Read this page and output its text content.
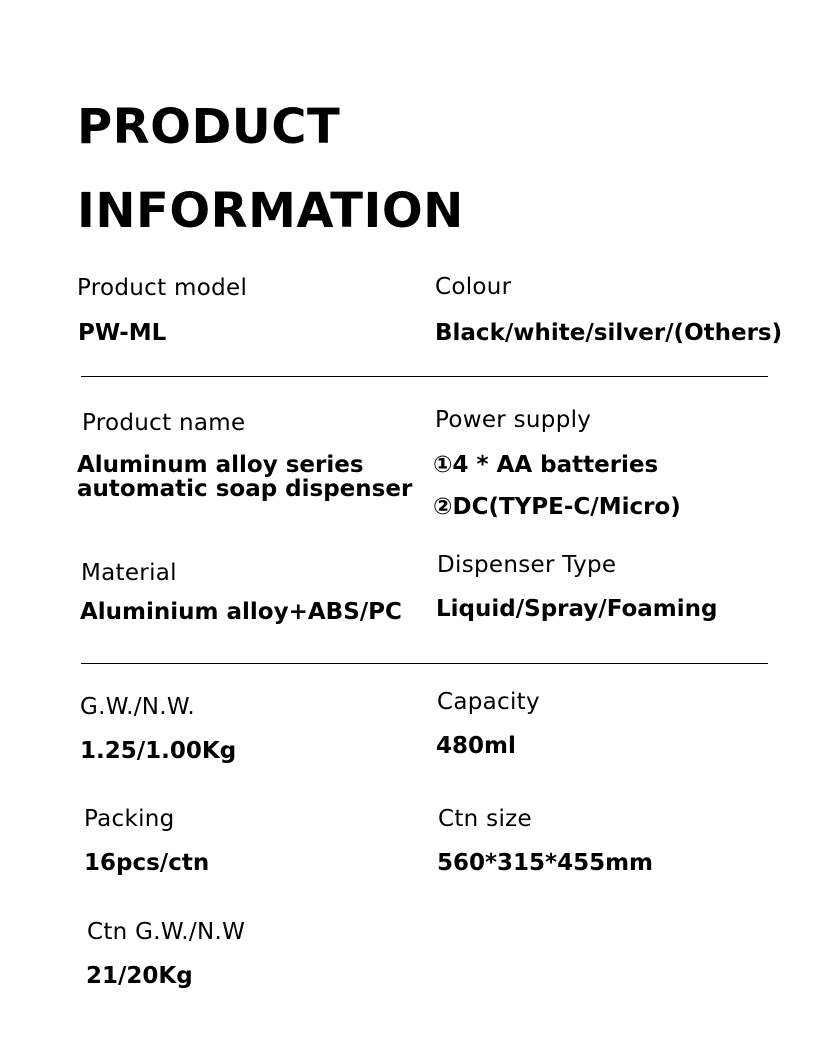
PRODUCT
INFORMATION
Product model
PW-ML
Colour
Black/white/silver/(Others)
Product name
Aluminum alloy series
automatic soap dispenser
Power supply
①4 * AA batteries
②DC(TYPE-C/Micro)
Material
Aluminium alloy+ABS/PC
Dispenser Type
Liquid/Spray/Foaming
G.W./N.W.
1.25/1.00Kg
Capacity
480ml
Packing
16pcs/ctn
Ctn size
560*315*455mm
Ctn G.W./N.W
21/20Kg
